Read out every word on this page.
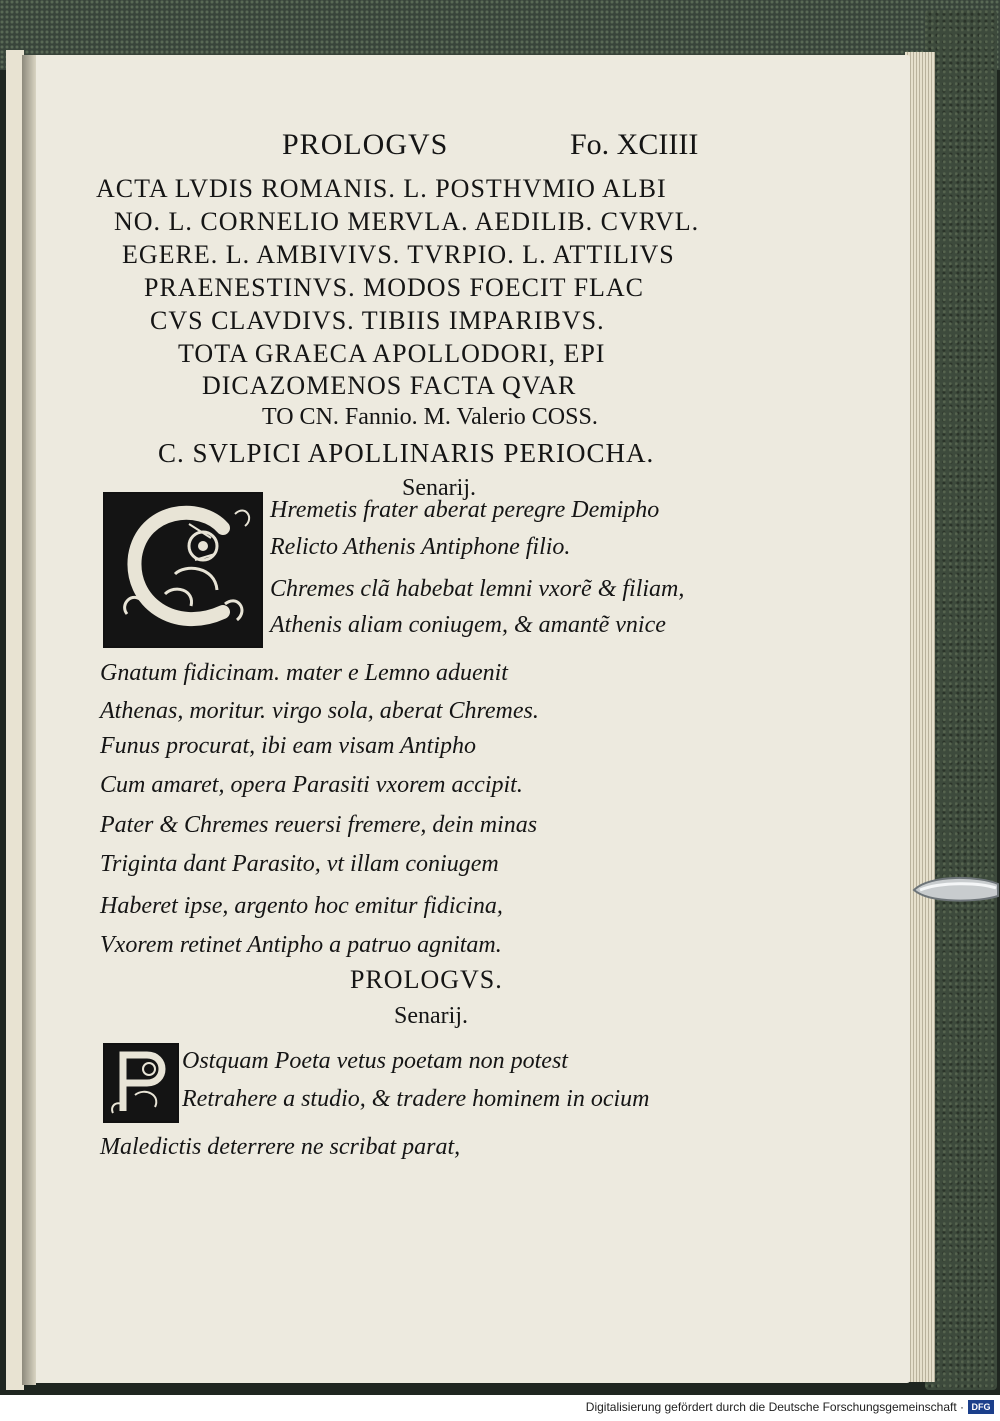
PROLOGVS	Fo. XCIIII
ACTA LVDIS ROMANIS. L. POSTHVMIO ALBI
NO. L. CORNELIO MERVLA. AEDILIB. CVRVL.
EGERE. L. AMBIVIVS. TVRPIO. L. ATTILIVS
PRAENESTINVS. MODOS FOECIT FLAC
CVS CLAVDIVS. TIBIIS IMPARIBVS.
TOTA GRAECA APOLLODORI, EPI
DICAZOMENOS FACTA QVAR
TO CN. Fannio. M. Valerio COSS.
C. SVLPICI APOLLINARIS PERIOCHA.
Senarij.
Hremetis frater aberat peregre Demipho
Relicto Athenis Antiphone filio.
Chremes clã habebat lemni vxorẽ & filiam,
Athenis aliam coniugem, & amantẽ vnice
Gnatum fidicinam. mater e Lemno aduenit
Athenas, moritur. virgo sola, aberat Chremes.
Funus procurat, ibi eam visam Antipho
Cum amaret, opera Parasiti vxorem accipit.
Pater & Chremes reuersi fremere, dein minas
Triginta dant Parasito, vt illam coniugem
Haberet ipse, argento hoc emitur fidicina,
Vxorem retinet Antipho a patruo agnitam.
PROLOGVS.
Senarij.
Ostquam Poeta vetus poetam non potest
Retrahere a studio, & tradere hominem in ocium
Maledictis deterrere ne scribat parat,
Digitalisierung gefördert durch die Deutsche Forschungsgemeinschaft · DFG
